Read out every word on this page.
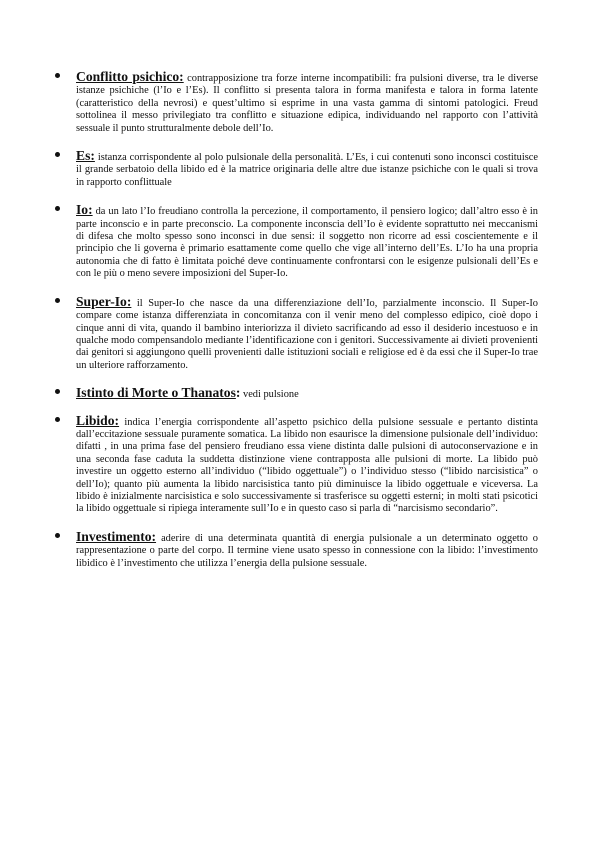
Conflitto psichico: contrapposizione tra forze interne incompatibili: fra pulsioni diverse, tra le diverse istanze psichiche (l’Io e l’Es). Il conflitto si presenta talora in forma manifesta e talora in forma latente (caratteristico della nevrosi) e quest’ultimo si esprime in una vasta gamma di sintomi patologici. Freud sottolinea il messo privilegiato tra conflitto e situazione edipica, individuando nel rapporto con l’attività sessuale il punto strutturalmente debole dell’Io.
Es: istanza corrispondente al polo pulsionale della personalità. L’Es, i cui contenuti sono inconsci costituisce il grande serbatoio della libido ed è la matrice originaria delle altre due istanze psichiche con le quali si trova in rapporto conflittuale
Io: da un lato l’Io freudiano controlla la percezione, il comportamento, il pensiero logico; dall’altro esso è in parte inconscio e in parte preconscio. La componente inconscia dell’Io è evidente soprattutto nei meccanismi di difesa che molto spesso sono inconsci in due sensi: il soggetto non ricorre ad essi coscientemente e il principio che li governa è primario esattamente come quello che vige all’interno dell’Es. L’Io ha una propria autonomia che di fatto è limitata poiché deve continuamente confrontarsi con le esigenze pulsionali dell’Es e con le più o meno severe imposizioni del Super-Io.
Super-Io: il Super-Io che nasce da una differenziazione dell’Io, parzialmente inconscio. Il Super-Io compare come istanza differenziata in concomitanza con il venir meno del complesso edipico, cioè dopo i cinque anni di vita, quando il bambino interiorizza il divieto sacrificando ad esso il desiderio incestuoso e in qualche modo compensandolo mediante l’identificazione con i genitori. Successivamente ai divieti provenienti dai genitori si aggiungono quelli provenienti dalle istituzioni sociali e religiose ed è da essi che il Super-Io trae un ulteriore rafforzamento.
Istinto di Morte o Thanatos: vedi pulsione
Libido: indica l’energia corrispondente all’aspetto psichico della pulsione sessuale e pertanto distinta dall’eccitazione sessuale puramente somatica. La libido non esaurisce la dimensione pulsionale dell’individuo: difatti , in una prima fase del pensiero freudiano essa viene distinta dalle pulsioni di autoconservazione e in una seconda fase caduta la suddetta distinzione viene contrapposta alle pulsioni di morte. La libido può investire un oggetto esterno all’individuo (“libido oggettuale”) o l’individuo stesso (“libido narcisistica” o dell’Io); quanto più aumenta la libido narcisistica tanto più diminuisce la libido oggettuale e viceversa. La libido è inizialmente narcisistica e solo successivamente si trasferisce su oggetti esterni; in molti stati psicotici la libido oggettuale si ripiega interamente sull’Io e in questo caso si parla di “narcisismo secondario”.
Investimento: aderire di una determinata quantità di energia pulsionale a un determinato oggetto o rappresentazione o parte del corpo. Il termine viene usato spesso in connessione con la libido: l’investimento libidico è l’investimento che utilizza l’energia della pulsione sessuale.
